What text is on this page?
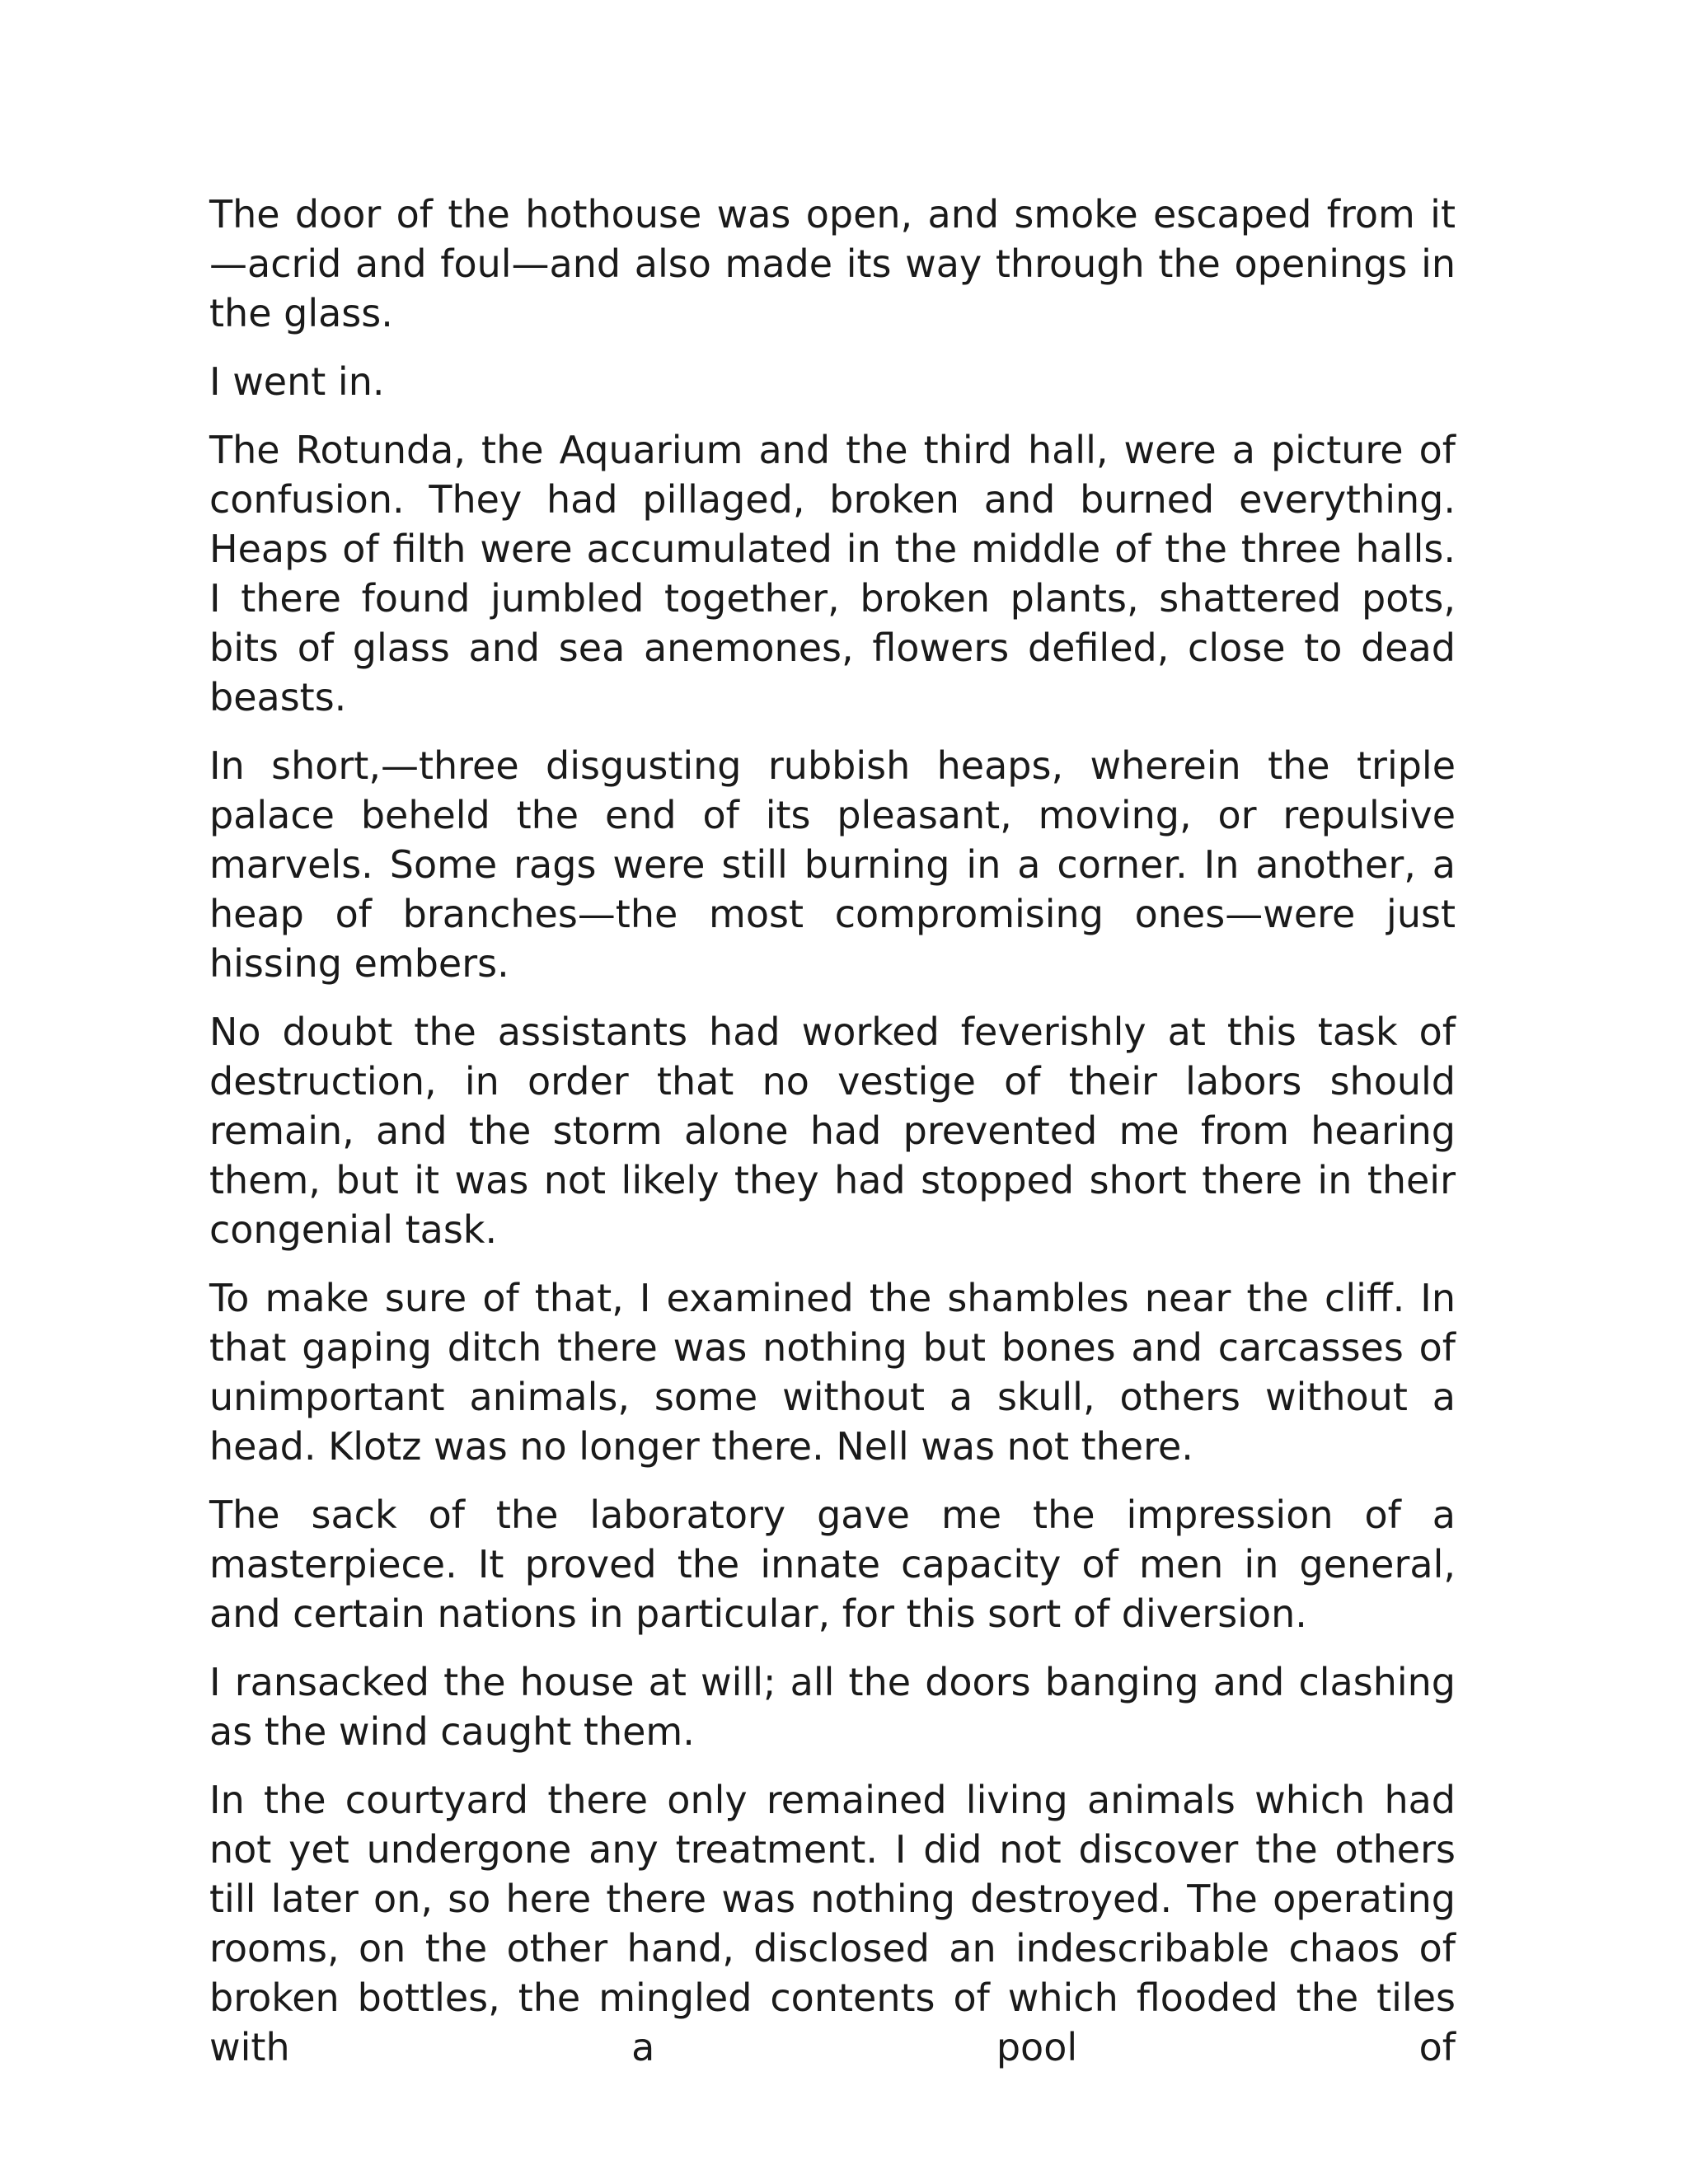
The door of the hothouse was open, and smoke escaped from it—acrid and foul—and also made its way through the openings in the glass.

I went in.

The Rotunda, the Aquarium and the third hall, were a picture of confusion. They had pillaged, broken and burned everything. Heaps of filth were accumulated in the middle of the three halls. I there found jumbled together, broken plants, shattered pots, bits of glass and sea anemones, flowers defiled, close to dead beasts.

In short,—three disgusting rubbish heaps, wherein the triple palace beheld the end of its pleasant, moving, or repulsive marvels. Some rags were still burning in a corner. In another, a heap of branches—the most compromising ones—were just hissing embers.

No doubt the assistants had worked feverishly at this task of destruction, in order that no vestige of their labors should remain, and the storm alone had prevented me from hearing them, but it was not likely they had stopped short there in their congenial task.

To make sure of that, I examined the shambles near the cliff. In that gaping ditch there was nothing but bones and carcasses of unimportant animals, some without a skull, others without a head. Klotz was no longer there. Nell was not there.

The sack of the laboratory gave me the impression of a masterpiece. It proved the innate capacity of men in general, and certain nations in particular, for this sort of diversion.

I ransacked the house at will; all the doors banging and clashing as the wind caught them.

In the courtyard there only remained living animals which had not yet undergone any treatment. I did not discover the others till later on, so here there was nothing destroyed. The operating rooms, on the other hand, disclosed an indescribable chaos of broken bottles, the mingled contents of which flooded the tiles with a pool of
